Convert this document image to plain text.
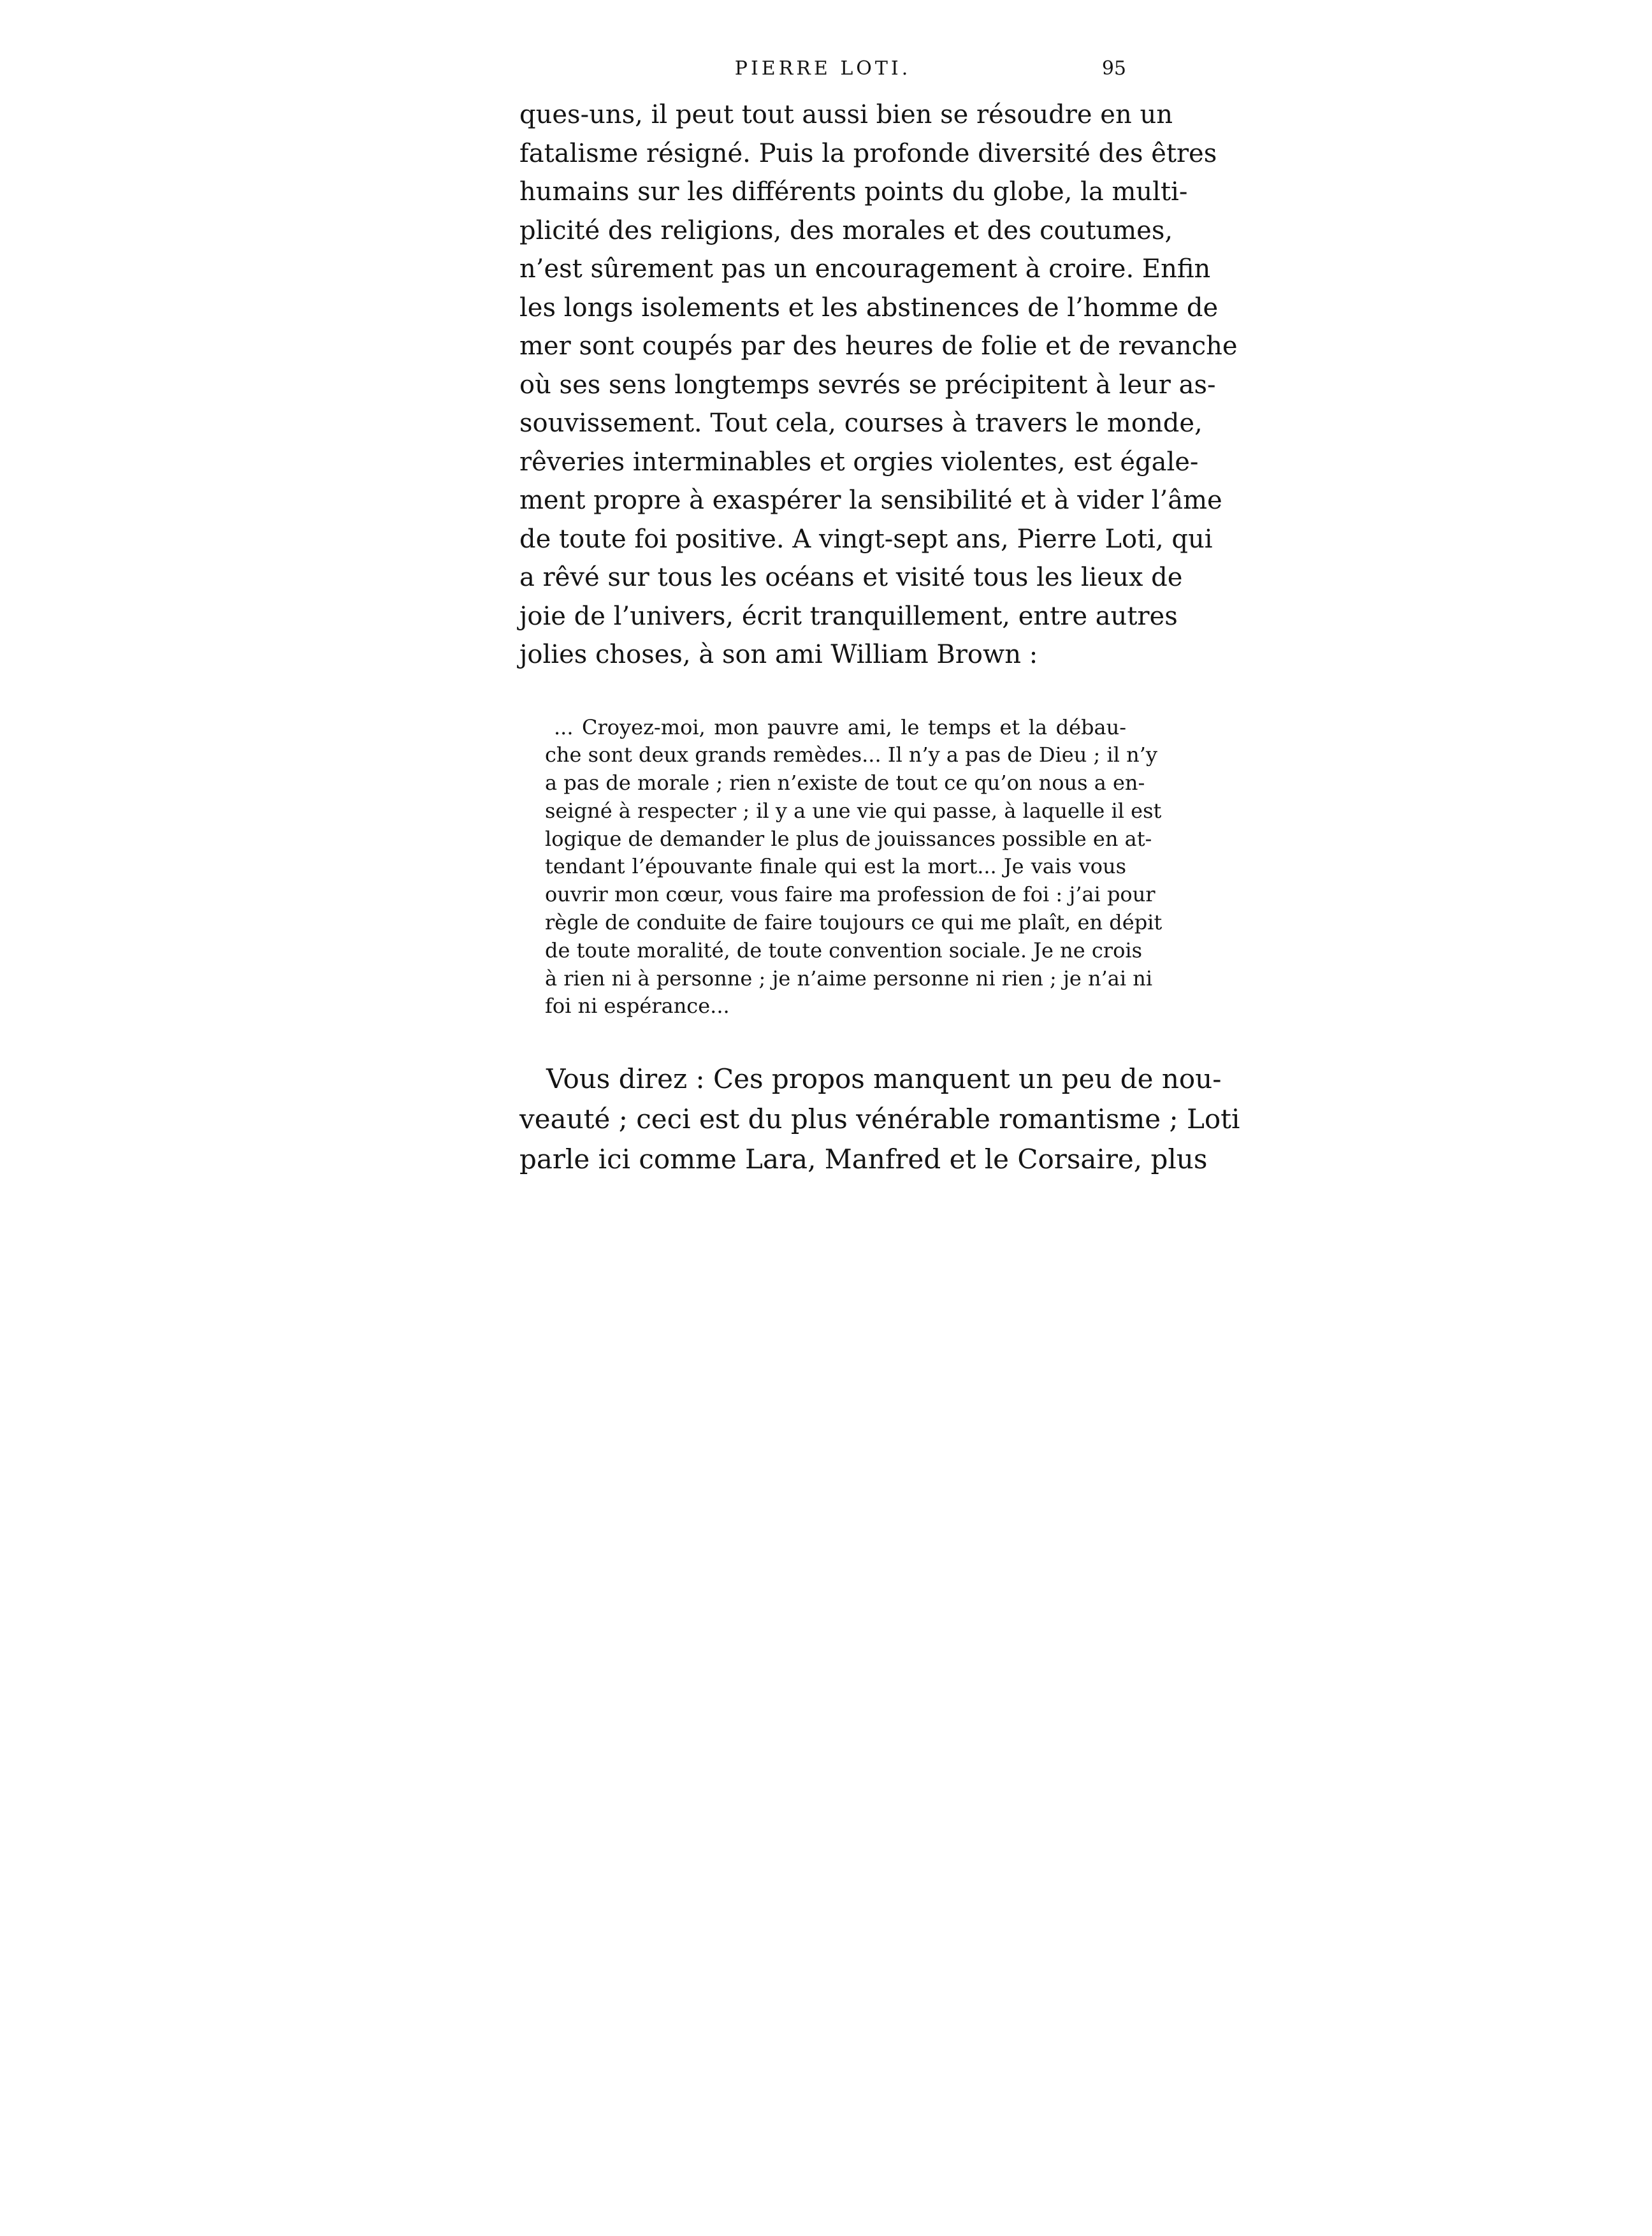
PIERRE LOTI.	95
ques-uns, il peut tout aussi bien se résoudre en un
fatalisme résigné. Puis la profonde diversité des êtres
humains sur les différents points du globe, la multi-
plicité des religions, des morales et des coutumes,
n’est sûrement pas un encouragement à croire. Enfin
les longs isolements et les abstinences de l’homme de
mer sont coupés par des heures de folie et de revanche
où ses sens longtemps sevrés se précipitent à leur as-
souvissement. Tout cela, courses à travers le monde,
rêveries interminables et orgies violentes, est égale-
ment propre à exaspérer la sensibilité et à vider l’âme
de toute foi positive. A vingt-sept ans, Pierre Loti, qui
a rêvé sur tous les océans et visité tous les lieux de
joie de l’univers, écrit tranquillement, entre autres
jolies choses, à son ami William Brown :
... Croyez-moi, mon pauvre ami, le temps et la débau-
che sont deux grands remèdes... Il n’y a pas de Dieu ; il n’y
a pas de morale ; rien n’existe de tout ce qu’on nous a en-
seigné à respecter ; il y a une vie qui passe, à laquelle il est
logique de demander le plus de jouissances possible en at-
tendant l’épouvante finale qui est la mort... Je vais vous
ouvrir mon cœur, vous faire ma profession de foi : j’ai pour
règle de conduite de faire toujours ce qui me plaît, en dépit
de toute moralité, de toute convention sociale. Je ne crois
à rien ni à personne ; je n’aime personne ni rien ; je n’ai ni
foi ni espérance...
Vous direz : Ces propos manquent un peu de nou-
veauté ; ceci est du plus vénérable romantisme ; Loti
parle ici comme Lara, Manfred et le Corsaire, plus
